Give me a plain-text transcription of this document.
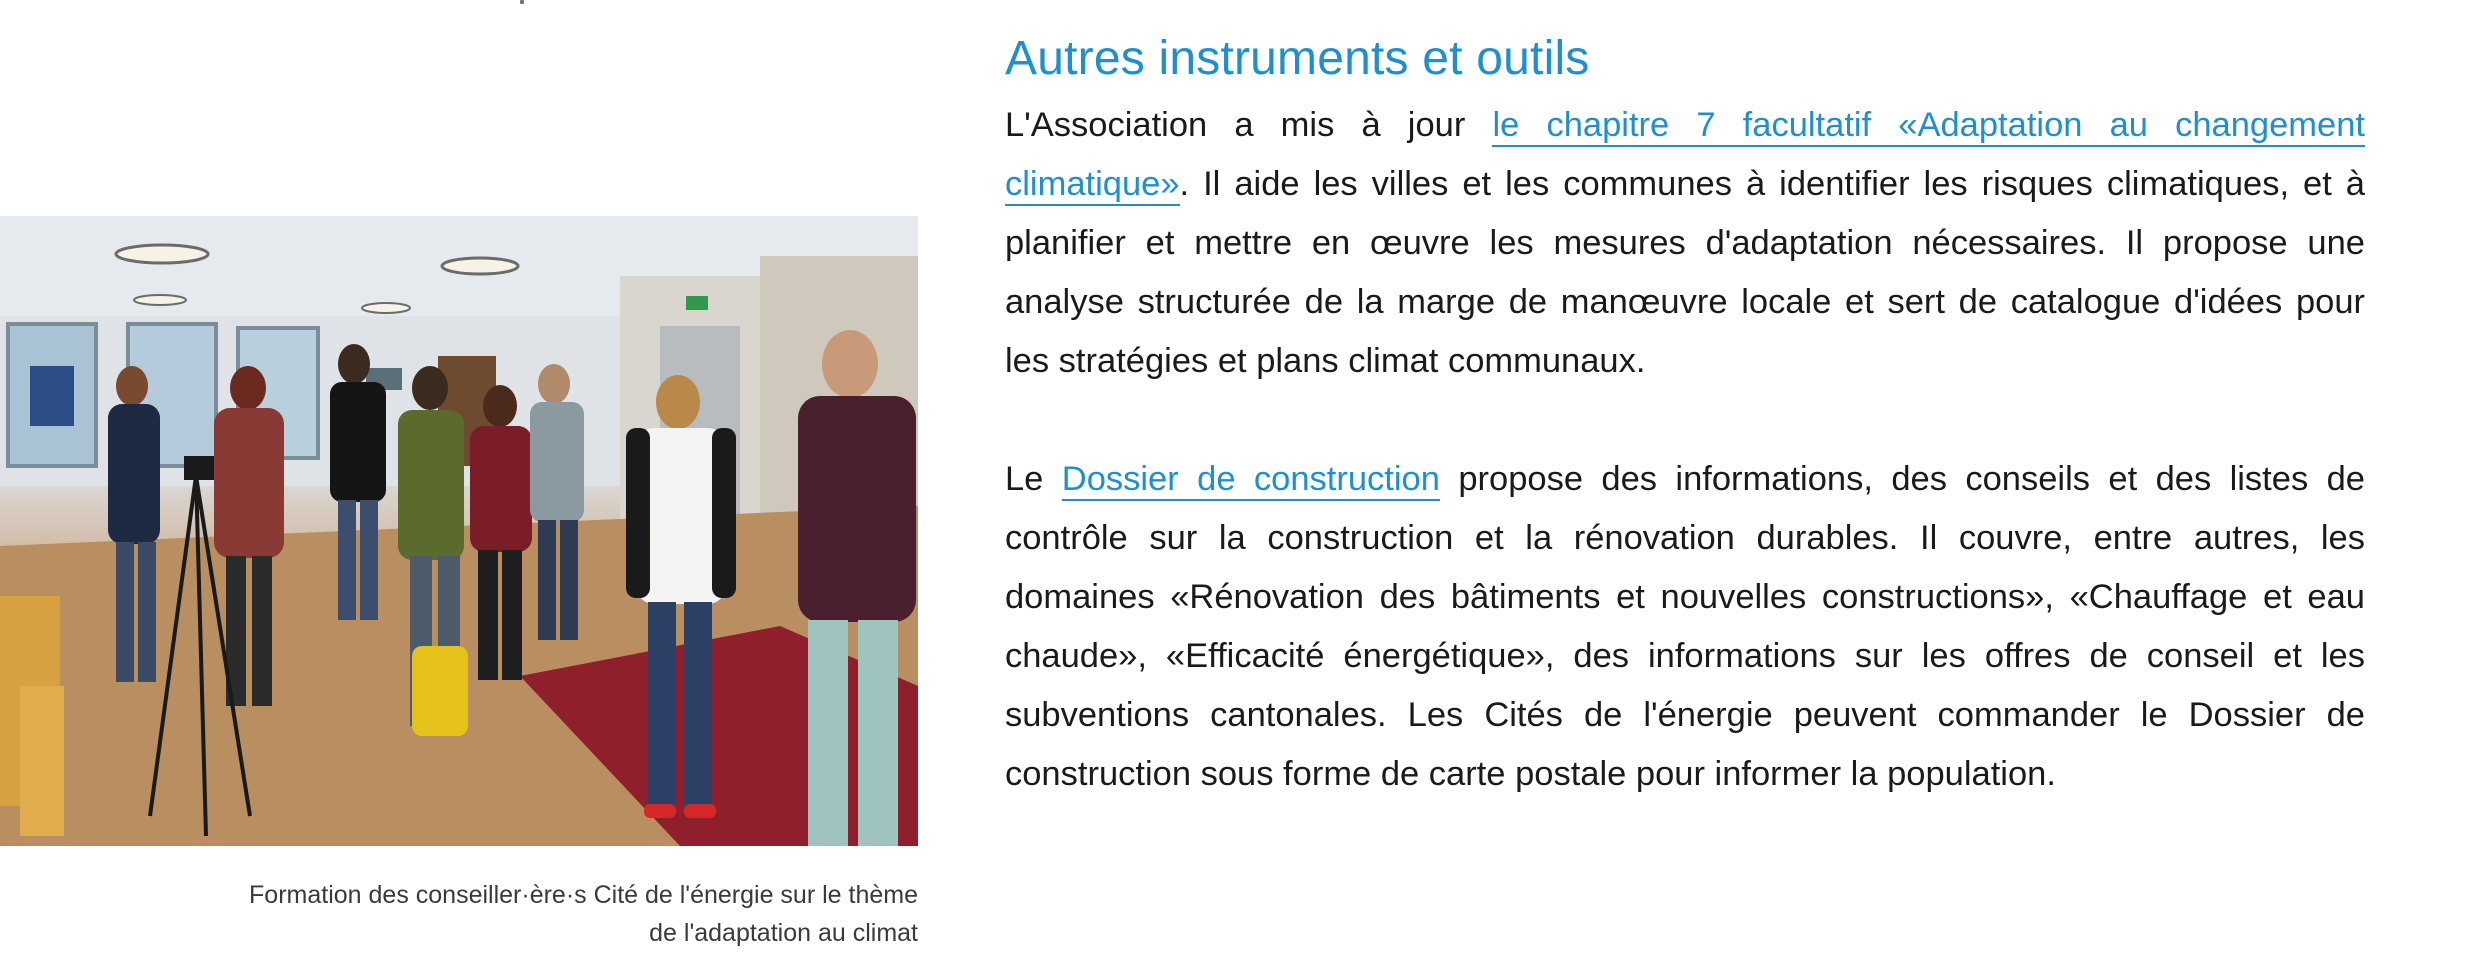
Formation des conseiller·ère·s Cité de l'énergie sur le thème
de l'adaptation au climat
Autres instruments et outils

L'Association a mis à jour le chapitre 7 facultatif «Adaptation au changement climatique». Il aide les villes et les communes à identifier les risques climatiques, et à planifier et mettre en œuvre les mesures d'adaptation nécessaires. Il propose une analyse structurée de la marge de manœuvre locale et sert de catalogue d'idées pour les stratégies et plans climat communaux.

Le Dossier de construction propose des informations, des conseils et des listes de contrôle sur la construction et la rénovation durables. Il couvre, entre autres, les domaines «Rénovation des bâtiments et nouvelles constructions», «Chauffage et eau chaude», «Efficacité énergétique», des informations sur les offres de conseil et les subventions cantonales. Les Cités de l'énergie peuvent commander le Dossier de construction sous forme de carte postale pour informer la population.
